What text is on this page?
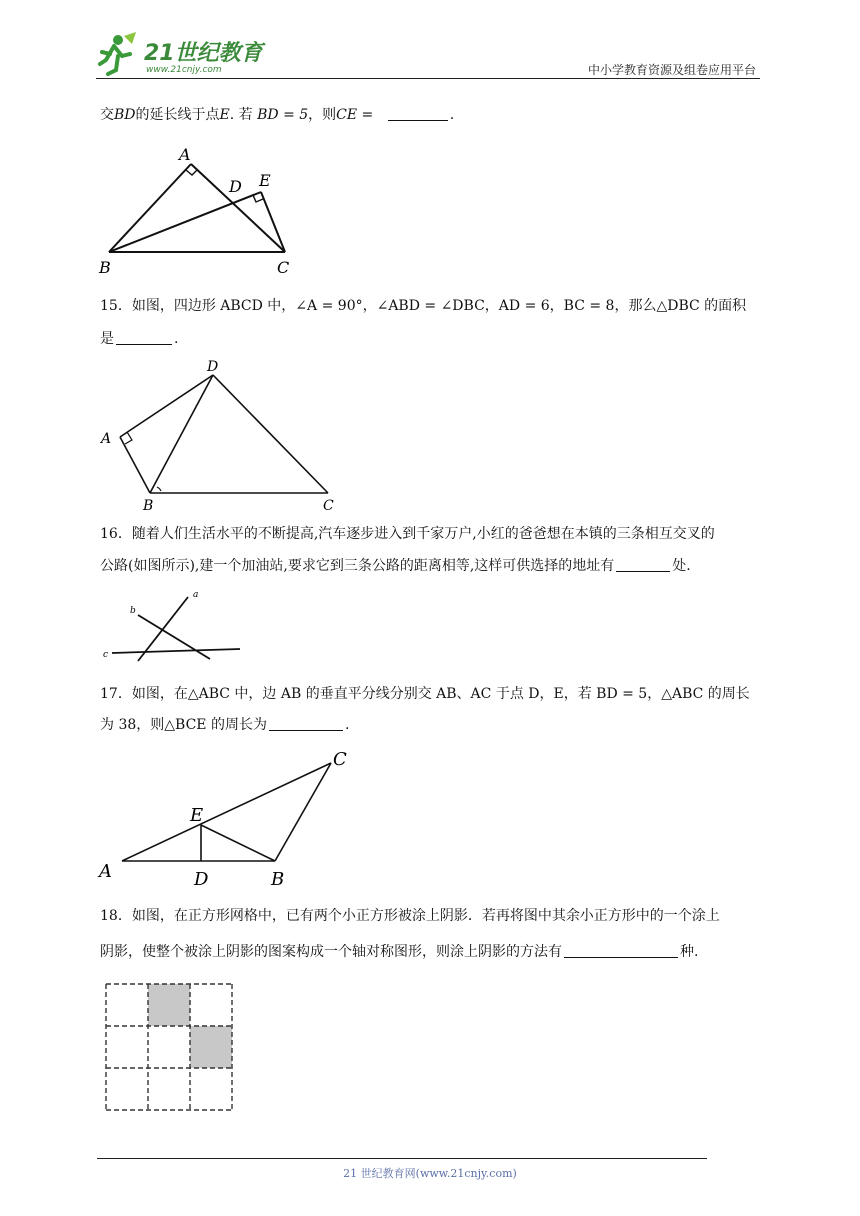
21世纪教育
www.21cnjy.com	中小学教育资源及组卷应用平台
交BD的延长线于点E. 若 BD = 5，则CE =	.
A
B	C
D E
15．如图，四边形 ABCD 中，∠A = 90°，∠ABD = ∠DBC，AD = 6，BC = 8，那么△DBC 的面积
是	.
D
A
B	C
16．随着人们生活水平的不断提高,汽车逐步进入到千家万户,小红的爸爸想在本镇的三条相互交叉的
公路(如图所示),建一个加油站,要求它到三条公路的距离相等,这样可供选择的地址有	处.
a
b
c
17．如图，在△ABC 中，边 AB 的垂直平分线分别交 AB、AC 于点 D，E，若 BD = 5，△ABC 的周长
为 38，则△BCE 的周长为	.
C
E
A	D	B
18．如图，在正方形网格中，已有两个小正方形被涂上阴影．若再将图中其余小正方形中的一个涂上
阴影，使整个被涂上阴影的图案构成一个轴对称图形，则涂上阴影的方法有	种.
21 世纪教育网(www.21cnjy.com)
